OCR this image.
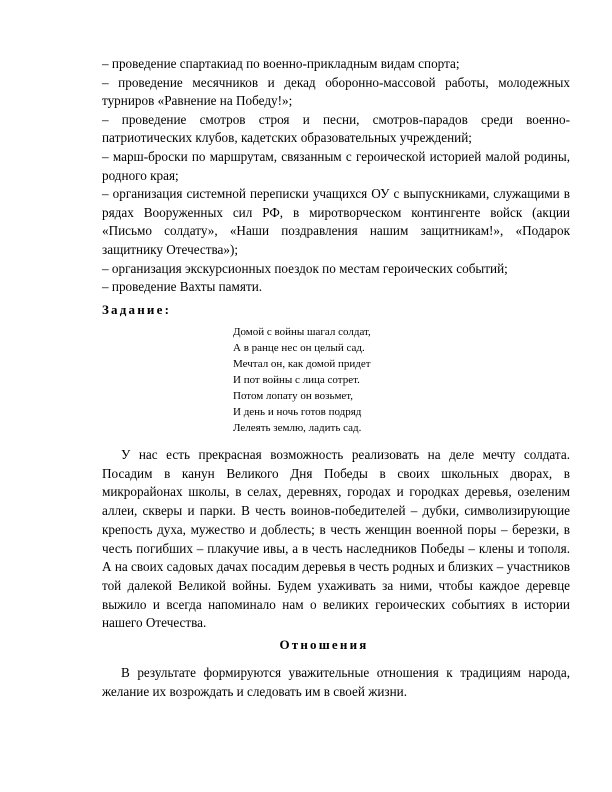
– проведение спартакиад по военно-прикладным видам спорта;

– проведение месячников и декад оборонно-массовой работы, молодежных турниров «Равнение на Победу!»;

– проведение смотров строя и песни, смотров-парадов среди военно-патриотических клубов, кадетских образовательных учреждений;

– марш-броски по маршрутам, связанным с героической историей малой родины, родного края;

– организация системной переписки учащихся ОУ с выпускниками, служащими в рядах Вооруженных сил РФ, в миротворческом контингенте войск (акции «Письмо солдату», «Наши поздравления нашим защитникам!», «Подарок защитнику Отечества»);

– организация экскурсионных поездок по местам героических событий;

– проведение Вахты памяти.

Задание:

Домой с войны шагал солдат,
А в ранце нес он целый сад.
Мечтал он, как домой придет
И пот войны с лица сотрет.
Потом лопату он возьмет,
И день и ночь готов подряд
Лелеять землю, ладить сад.

У нас есть прекрасная возможность реализовать на деле мечту солдата. Посадим в канун Великого Дня Победы в своих школьных дворах, в микрорайонах школы, в селах, деревнях, городах и городках деревья, озеленим аллеи, скверы и парки. В честь воинов-победителей – дубки, символизирующие крепость духа, мужество и доблесть; в честь женщин военной поры – березки, в честь погибших – плакучие ивы, а в честь наследников Победы – клены и тополя. А на своих садовых дачах посадим деревья в честь родных и близких – участников той далекой Великой войны. Будем ухаживать за ними, чтобы каждое деревце выжило и всегда напоминало нам о великих героических событиях в истории нашего Отечества.

Отношения

В результате формируются уважительные отношения к традициям народа, желание их возрождать и следовать им в своей жизни.
